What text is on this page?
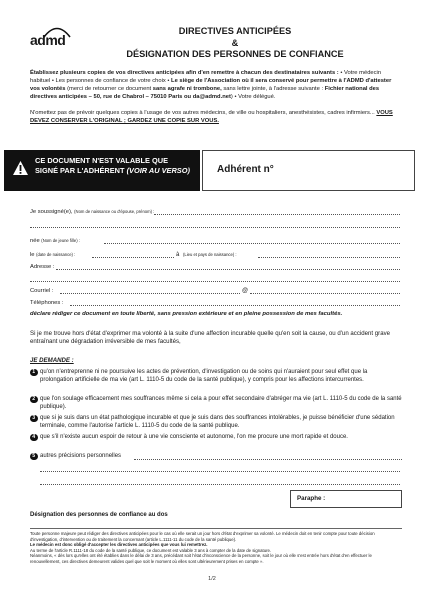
admd
DIRECTIVES ANTICIPÉES
&
DÉSIGNATION DES PERSONNES DE CONFIANCE
Établissez plusieurs copies de vos directives anticipées afin d'en remettre à chacun des destinataires suivants : • Votre médecin habituel • Les personnes de confiance de votre choix • Le siège de l'Association où il sera conservé pour permettre à l'ADMD d'attester vos volontés (merci de retourner ce document sans agrafe ni trombone, sans lettre jointe, à l'adresse suivante : Fichier national des directives anticipées – 50, rue de Chabrol – 75010 Paris ou da@admd.net) • Votre délégué.
N'omettez pas de prévoir quelques copies à l'usage de vos autres médecins, de ville ou hospitaliers, anesthésistes, cadres infirmiers... VOUS DEVEZ CONSERVER L'ORIGINAL ; GARDEZ UNE COPIE SUR VOUS.
CE DOCUMENT N'EST VALABLE QUE
SIGNÉ PAR L'ADHÉRENT (VOIR AU VERSO)	Adhérent n°
Je soussigné(e), (Nom de naissance ou d'épouse, prénom) :
née (Nom de jeune fille) :
le (date de naissance) :	à (Lieu et pays de naissance) :
Adresse :
Courriel :	@
Téléphones :
déclare rédiger ce document en toute liberté, sans pression extérieure et en pleine possession de mes facultés.
Si je me trouve hors d'état d'exprimer ma volonté à la suite d'une affection incurable quelle qu'en soit la cause, ou d'un accident grave entraînant une dégradation irréversible de mes facultés,
JE DEMANDE :
1 qu'on n'entreprenne ni ne poursuive les actes de prévention, d'investigation ou de soins qui n'auraient pour seul effet que la prolongation artificielle de ma vie (art L. 1110-5 du code de la santé publique), y compris pour les affections intercurrentes.
2 que l'on soulage efficacement mes souffrances même si cela a pour effet secondaire d'abréger ma vie (art L. 1110-5 du code de la santé publique).
3 que si je suis dans un état pathologique incurable et que je suis dans des souffrances intolérables, je puisse bénéficier d'une sédation terminale, comme l'autorise l'article L. 1110-5 du code de la santé publique.
4 que s'il n'existe aucun espoir de retour à une vie consciente et autonome, l'on me procure une mort rapide et douce.
5 autres précisions personnelles
Paraphe :
Désignation des personnes de confiance au dos
Toute personne majeure peut rédiger des directives anticipées pour le cas où elle serait un jour hors d'état d'exprimer sa volonté. Le médecin doit en tenir compte pour toute décision d'investigation, d'intervention ou de traitement la concernant (article L.1111-11 du code de la santé publique).
Le médecin est donc obligé d'accepter les directives anticipées que vous lui remettrez.
Au terme de l'article R.1111-18 du code de la santé publique, ce document est valable 3 ans à compter de la date de signature.
Néanmoins, « dès lors qu'elles ont été établies dans le délai de 3 ans, précédant soit l'état d'inconscience de la personne, soit le jour où elle s'est entrée hors d'état d'en effectuer le renouvellement, ces directives demeurent valides quel que soit le moment où elles sont ultérieurement prises en compte ».
1/2
